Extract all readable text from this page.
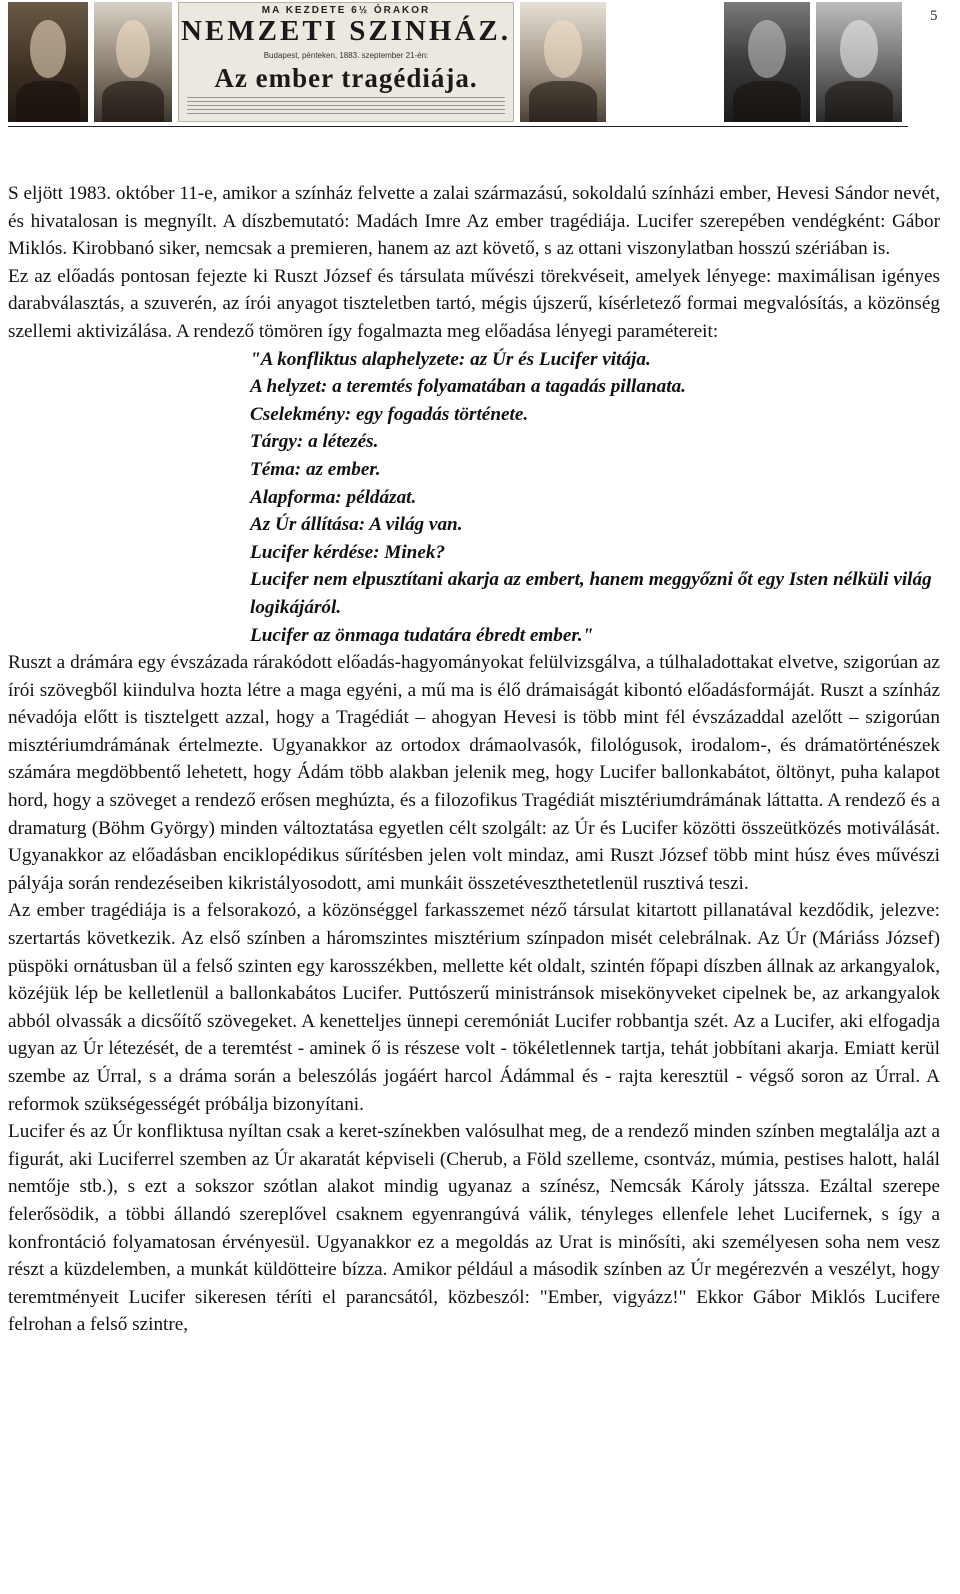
MA KEZDETE 6½ ÓRAKOR
NEMZETI SZINHÁZ.
Budapest, pénteken, 1883. szeptember 21-én:
Az ember tragédiája.
5

S eljött 1983. október 11-e, amikor a színház felvette a zalai származású, sokoldalú színházi ember, Hevesi Sándor nevét, és hivatalosan is megnyílt. A díszbemutató: Madách Imre Az ember tragédiája. Lucifer szerepében vendégként: Gábor Miklós. Kirobbanó siker, nemcsak a premieren, hanem az azt követő, s az ottani viszonylatban hosszú szériában is.

Ez az előadás pontosan fejezte ki Ruszt József és társulata művészi törekvéseit, amelyek lényege: maximálisan igényes darabválasztás, a szuverén, az írói anyagot tiszteletben tartó, mégis újszerű, kísérletező formai megvalósítás, a közönség szellemi aktivizálása. A rendező tömören így fogalmazta meg előadása lényegi paramétereit:

"A konfliktus alaphelyzete: az Úr és Lucifer vitája.
A helyzet: a teremtés folyamatában a tagadás pillanata.
Cselekmény: egy fogadás története.
Tárgy: a létezés.
Téma: az ember.
Alapforma: példázat.
Az Úr állítása: A világ van.
Lucifer kérdése: Minek?
Lucifer nem elpusztítani akarja az embert, hanem meggyőzni őt egy Isten nélküli világ logikájáról.
Lucifer az önmaga tudatára ébredt ember."

Ruszt a drámára egy évszázada rárakódott előadás-hagyományokat felülvizsgálva, a túlhaladottakat elvetve, szigorúan az írói szövegből kiindulva hozta létre a maga egyéni, a mű ma is élő drámaiságát kibontó előadásformáját. Ruszt a színház névadója előtt is tisztelgett azzal, hogy a Tragédiát – ahogyan Hevesi is több mint fél évszázaddal azelőtt – szigorúan misztériumdrámának értelmezte. Ugyanakkor az ortodox drámaolvasók, filológusok, irodalom-, és drámatörténészek számára megdöbbentő lehetett, hogy Ádám több alakban jelenik meg, hogy Lucifer ballonkabátot, öltönyt, puha kalapot hord, hogy a szöveget a rendező erősen meghúzta, és a filozofikus Tragédiát misztériumdrámának láttatta. A rendező és a dramaturg (Böhm György) minden változtatása egyetlen célt szolgált: az Úr és Lucifer közötti összeütközés motiválását. Ugyanakkor az előadásban enciklopédikus sűrítésben jelen volt mindaz, ami Ruszt József több mint húsz éves művészi pályája során rendezéseiben kikristályosodott, ami munkáit összetéveszthetetlenül rusztivá teszi.

Az ember tragédiája is a felsorakozó, a közönséggel farkasszemet néző társulat kitartott pillanatával kezdődik, jelezve: szertartás következik. Az első színben a háromszintes misztérium színpadon misét celebrálnak. Az Úr (Máriáss József) püspöki ornátusban ül a felső szinten egy karosszékben, mellette két oldalt, szintén főpapi díszben állnak az arkangyalok, közéjük lép be kelletlenül a ballonkabátos Lucifer. Puttószerű ministránsok misekönyveket cipelnek be, az arkangyalok abból olvassák a dicsőítő szövegeket. A kenetteljes ünnepi ceremóniát Lucifer robbantja szét. Az a Lucifer, aki elfogadja ugyan az Úr létezését, de a teremtést - aminek ő is részese volt - tökéletlennek tartja, tehát jobbítani akarja. Emiatt kerül szembe az Úrral, s a dráma során a beleszólás jogáért harcol Ádámmal és - rajta keresztül - végső soron az Úrral. A reformok szükségességét próbálja bizonyítani.

Lucifer és az Úr konfliktusa nyíltan csak a keret-színekben valósulhat meg, de a rendező minden színben megtalálja azt a figurát, aki Luciferrel szemben az Úr akaratát képviseli (Cherub, a Föld szelleme, csontváz, múmia, pestises halott, halál nemtője stb.), s ezt a sokszor szótlan alakot mindig ugyanaz a színész, Nemcsák Károly játssza. Ezáltal szerepe felerősödik, a többi állandó szereplővel csaknem egyenrangúvá válik, tényleges ellenfele lehet Lucifernek, s így a konfrontáció folyamatosan érvényesül. Ugyanakkor ez a megoldás az Urat is minősíti, aki személyesen soha nem vesz részt a küzdelemben, a munkát küldötteire bízza. Amikor például a második színben az Úr megérezvén a veszélyt, hogy teremtményeit Lucifer sikeresen téríti el parancsától, közbeszól: "Ember, vigyázz!" Ekkor Gábor Miklós Lucifere felrohan a felső szintre,
